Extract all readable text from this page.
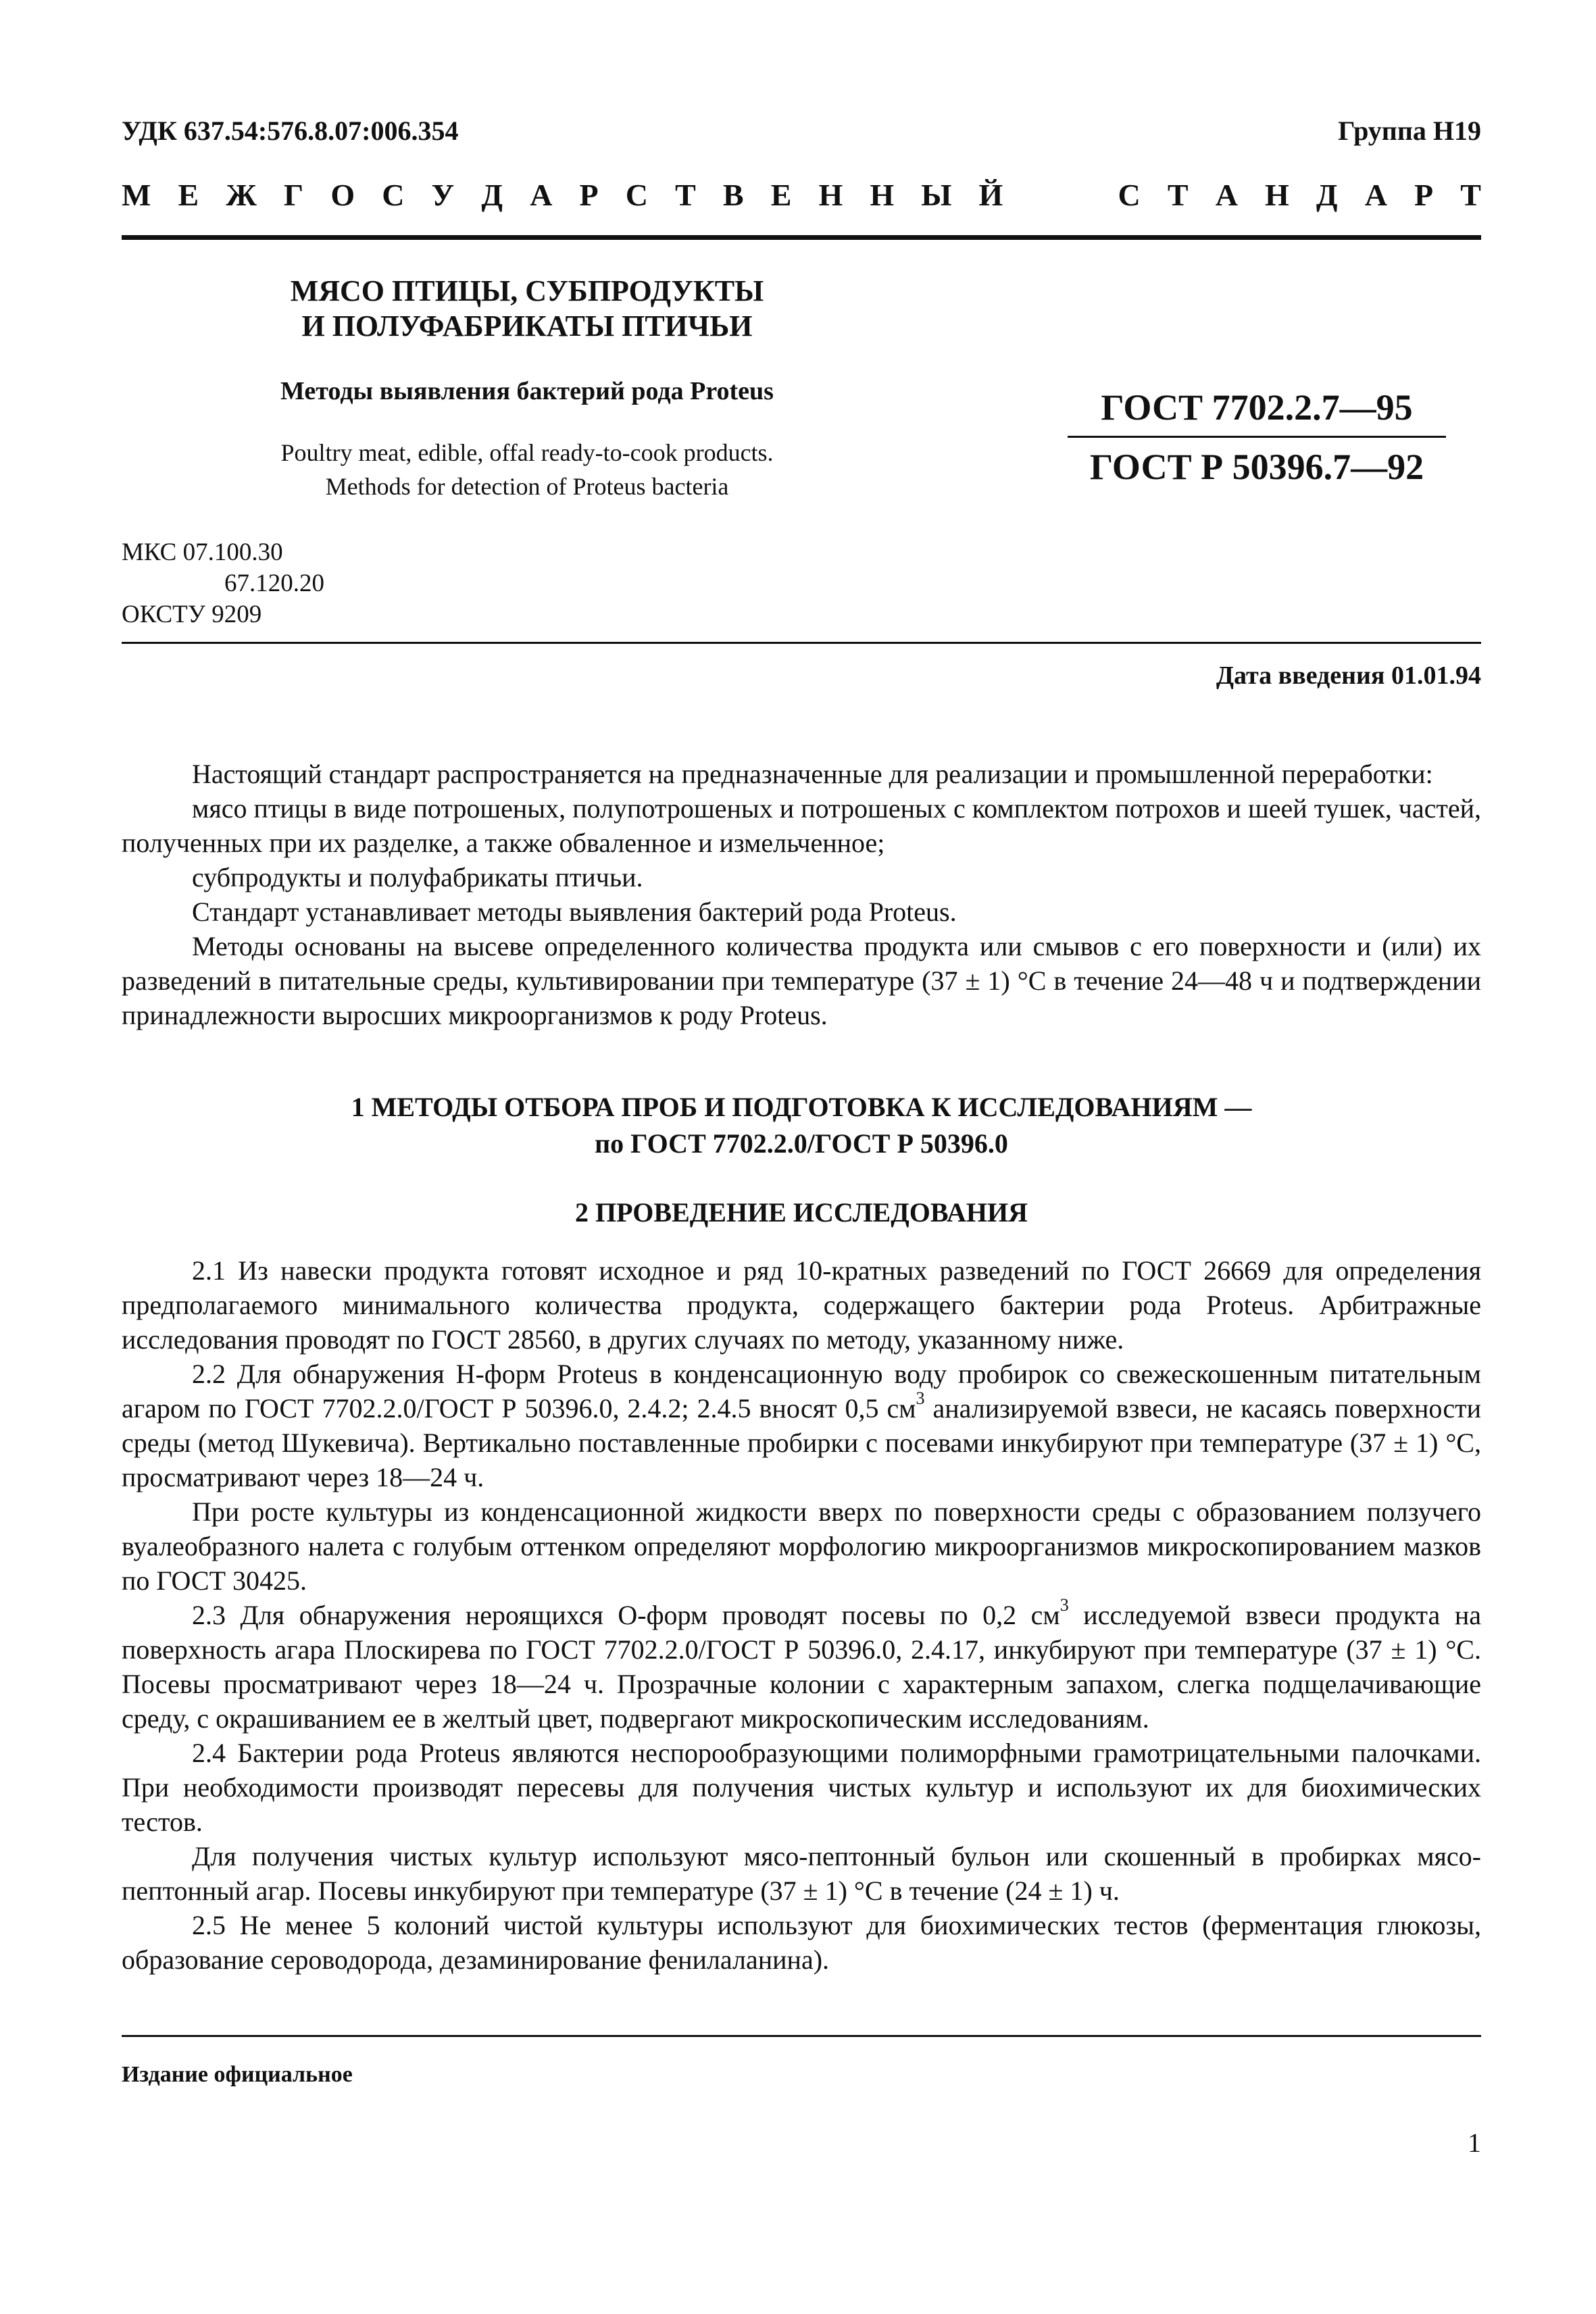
УДК 637.54:576.8.07:006.354	Группа Н19
М Е Ж Г О С У Д А Р С Т В Е Н Н Ы Й	С Т А Н Д А Р Т
МЯСО ПТИЦЫ, СУБПРОДУКТЫ
И ПОЛУФАБРИКАТЫ ПТИЧЬИ
Методы выявления бактерий рода Proteus
Poultry meat, edible, offal ready-to-cook products.
Methods for detection of Proteus bacteria
ГОСТ 7702.2.7—95
ГОСТ Р 50396.7—92
МКС 07.100.30
67.120.20
ОКСТУ 9209
Дата введения 01.01.94

Настоящий стандарт распространяется на предназначенные для реализации и промышленной переработки:

мясо птицы в виде потрошеных, полупотрошеных и потрошеных с комплектом потрохов и шеей тушек, частей, полученных при их разделке, а также обваленное и измельченное;

субпродукты и полуфабрикаты птичьи.

Стандарт устанавливает методы выявления бактерий рода Proteus.

Методы основаны на высеве определенного количества продукта или смывов с его поверхности и (или) их разведений в питательные среды, культивировании при температуре (37 ± 1) °С в течение 24—48 ч и подтверждении принадлежности выросших микроорганизмов к роду Proteus.

1 МЕТОДЫ ОТБОРА ПРОБ И ПОДГОТОВКА К ИССЛЕДОВАНИЯМ —
по ГОСТ 7702.2.0/ГОСТ Р 50396.0
2 ПРОВЕДЕНИЕ ИССЛЕДОВАНИЯ

2.1 Из навески продукта готовят исходное и ряд 10-кратных разведений по ГОСТ 26669 для определения предполагаемого минимального количества продукта, содержащего бактерии рода Proteus. Арбитражные исследования проводят по ГОСТ 28560, в других случаях по методу, указанному ниже.

2.2 Для обнаружения Н-форм Proteus в конденсационную воду пробирок со свежескошенным питательным агаром по ГОСТ 7702.2.0/ГОСТ Р 50396.0, 2.4.2; 2.4.5 вносят 0,5 $см^3$ анализируемой взвеси, не касаясь поверхности среды (метод Шукевича). Вертикально поставленные пробирки с посевами инкубируют при температуре (37 ± 1) °С, просматривают через 18—24 ч.

При росте культуры из конденсационной жидкости вверх по поверхности среды с образованием ползучего вуалеобразного налета с голубым оттенком определяют морфологию микроорганизмов микроскопированием мазков по ГОСТ 30425.

2.3 Для обнаружения нероящихся О-форм проводят посевы по 0,2 $см^3$ исследуемой взвеси продукта на поверхность агара Плоскирева по ГОСТ 7702.2.0/ГОСТ Р 50396.0, 2.4.17, инкубируют при температуре (37 ± 1) °С. Посевы просматривают через 18—24 ч. Прозрачные колонии с характерным запахом, слегка подщелачивающие среду, с окрашиванием ее в желтый цвет, подвергают микроскопическим исследованиям.

2.4 Бактерии рода Proteus являются неспорообразующими полиморфными грамотрицательными палочками. При необходимости производят пересевы для получения чистых культур и используют их для биохимических тестов.

Для получения чистых культур используют мясо-пептонный бульон или скошенный в пробирках мясо-пептонный агар. Посевы инкубируют при температуре (37 ± 1) °С в течение (24 ± 1) ч.

2.5 Не менее 5 колоний чистой культуры используют для биохимических тестов (ферментация глюкозы, образование сероводорода, дезаминирование фенилаланина).

Издание официальное
1
